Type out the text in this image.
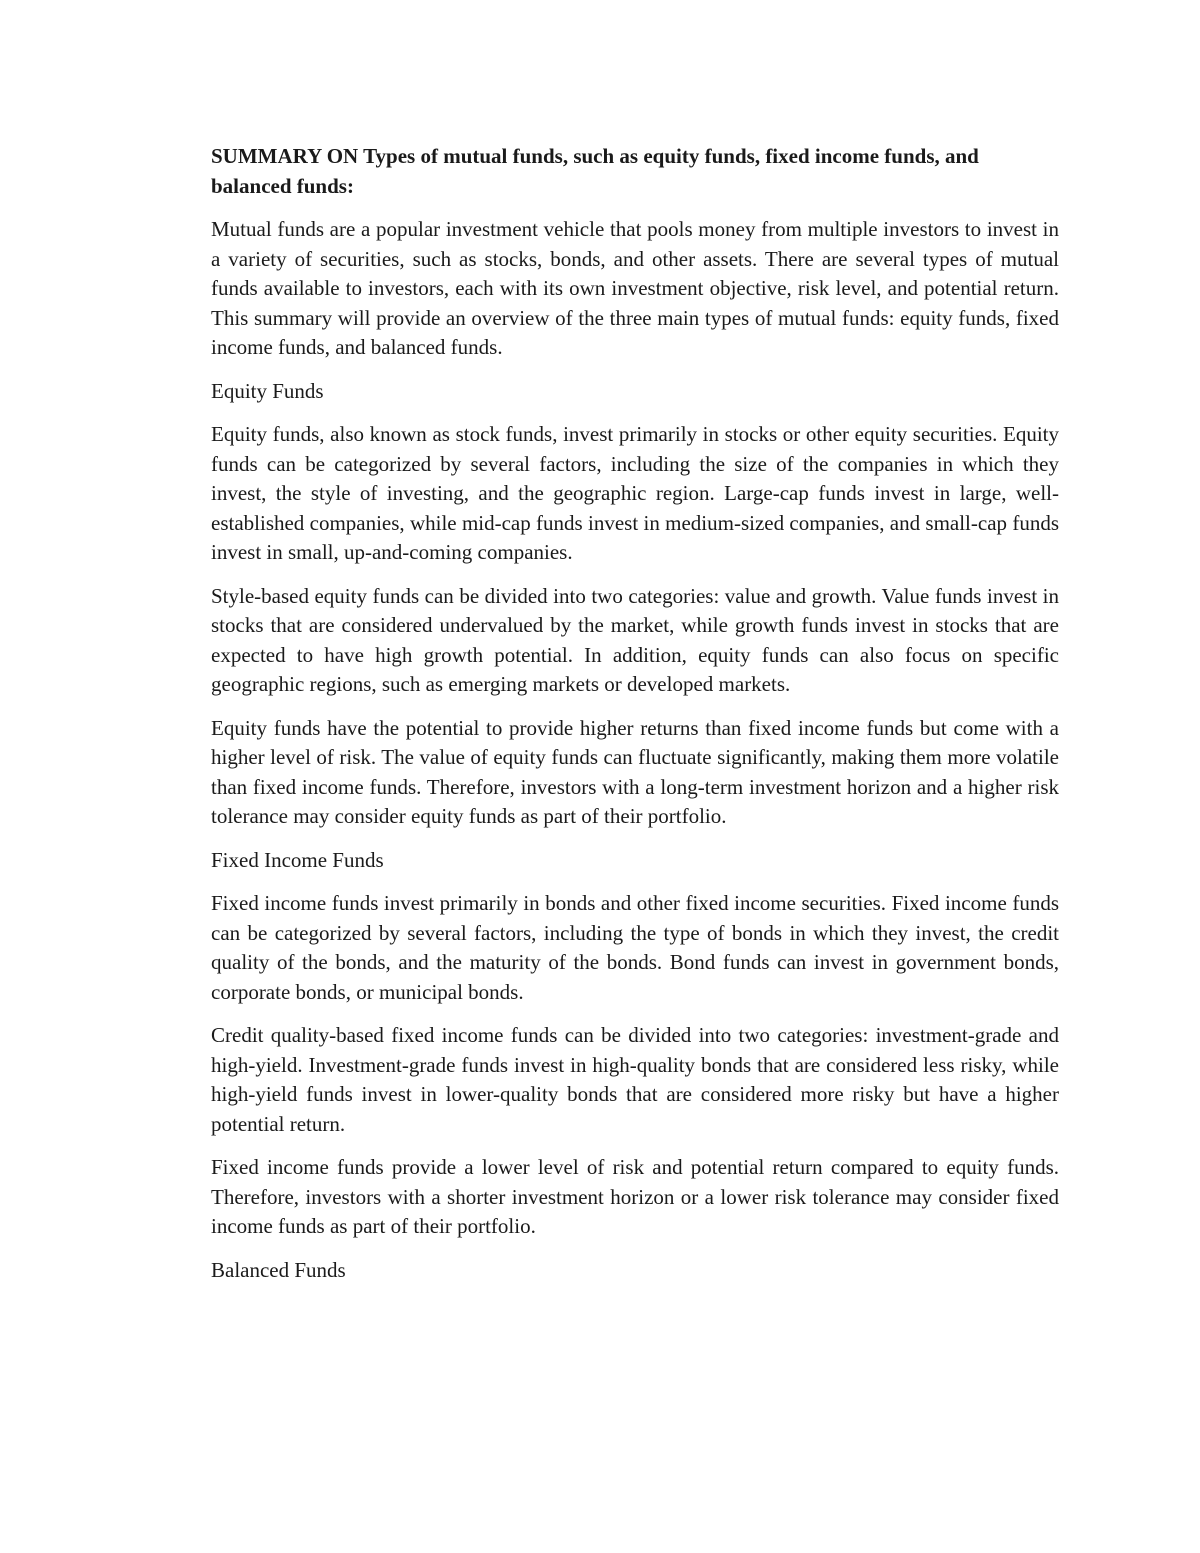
SUMMARY ON Types of mutual funds, such as equity funds, fixed income funds, and balanced funds:

Mutual funds are a popular investment vehicle that pools money from multiple investors to invest in a variety of securities, such as stocks, bonds, and other assets. There are several types of mutual funds available to investors, each with its own investment objective, risk level, and potential return. This summary will provide an overview of the three main types of mutual funds: equity funds, fixed income funds, and balanced funds.

Equity Funds

Equity funds, also known as stock funds, invest primarily in stocks or other equity securities. Equity funds can be categorized by several factors, including the size of the companies in which they invest, the style of investing, and the geographic region. Large-cap funds invest in large, well-established companies, while mid-cap funds invest in medium-sized companies, and small-cap funds invest in small, up-and-coming companies.

Style-based equity funds can be divided into two categories: value and growth. Value funds invest in stocks that are considered undervalued by the market, while growth funds invest in stocks that are expected to have high growth potential. In addition, equity funds can also focus on specific geographic regions, such as emerging markets or developed markets.

Equity funds have the potential to provide higher returns than fixed income funds but come with a higher level of risk. The value of equity funds can fluctuate significantly, making them more volatile than fixed income funds. Therefore, investors with a long-term investment horizon and a higher risk tolerance may consider equity funds as part of their portfolio.

Fixed Income Funds

Fixed income funds invest primarily in bonds and other fixed income securities. Fixed income funds can be categorized by several factors, including the type of bonds in which they invest, the credit quality of the bonds, and the maturity of the bonds. Bond funds can invest in government bonds, corporate bonds, or municipal bonds.

Credit quality-based fixed income funds can be divided into two categories: investment-grade and high-yield. Investment-grade funds invest in high-quality bonds that are considered less risky, while high-yield funds invest in lower-quality bonds that are considered more risky but have a higher potential return.

Fixed income funds provide a lower level of risk and potential return compared to equity funds. Therefore, investors with a shorter investment horizon or a lower risk tolerance may consider fixed income funds as part of their portfolio.

Balanced Funds
